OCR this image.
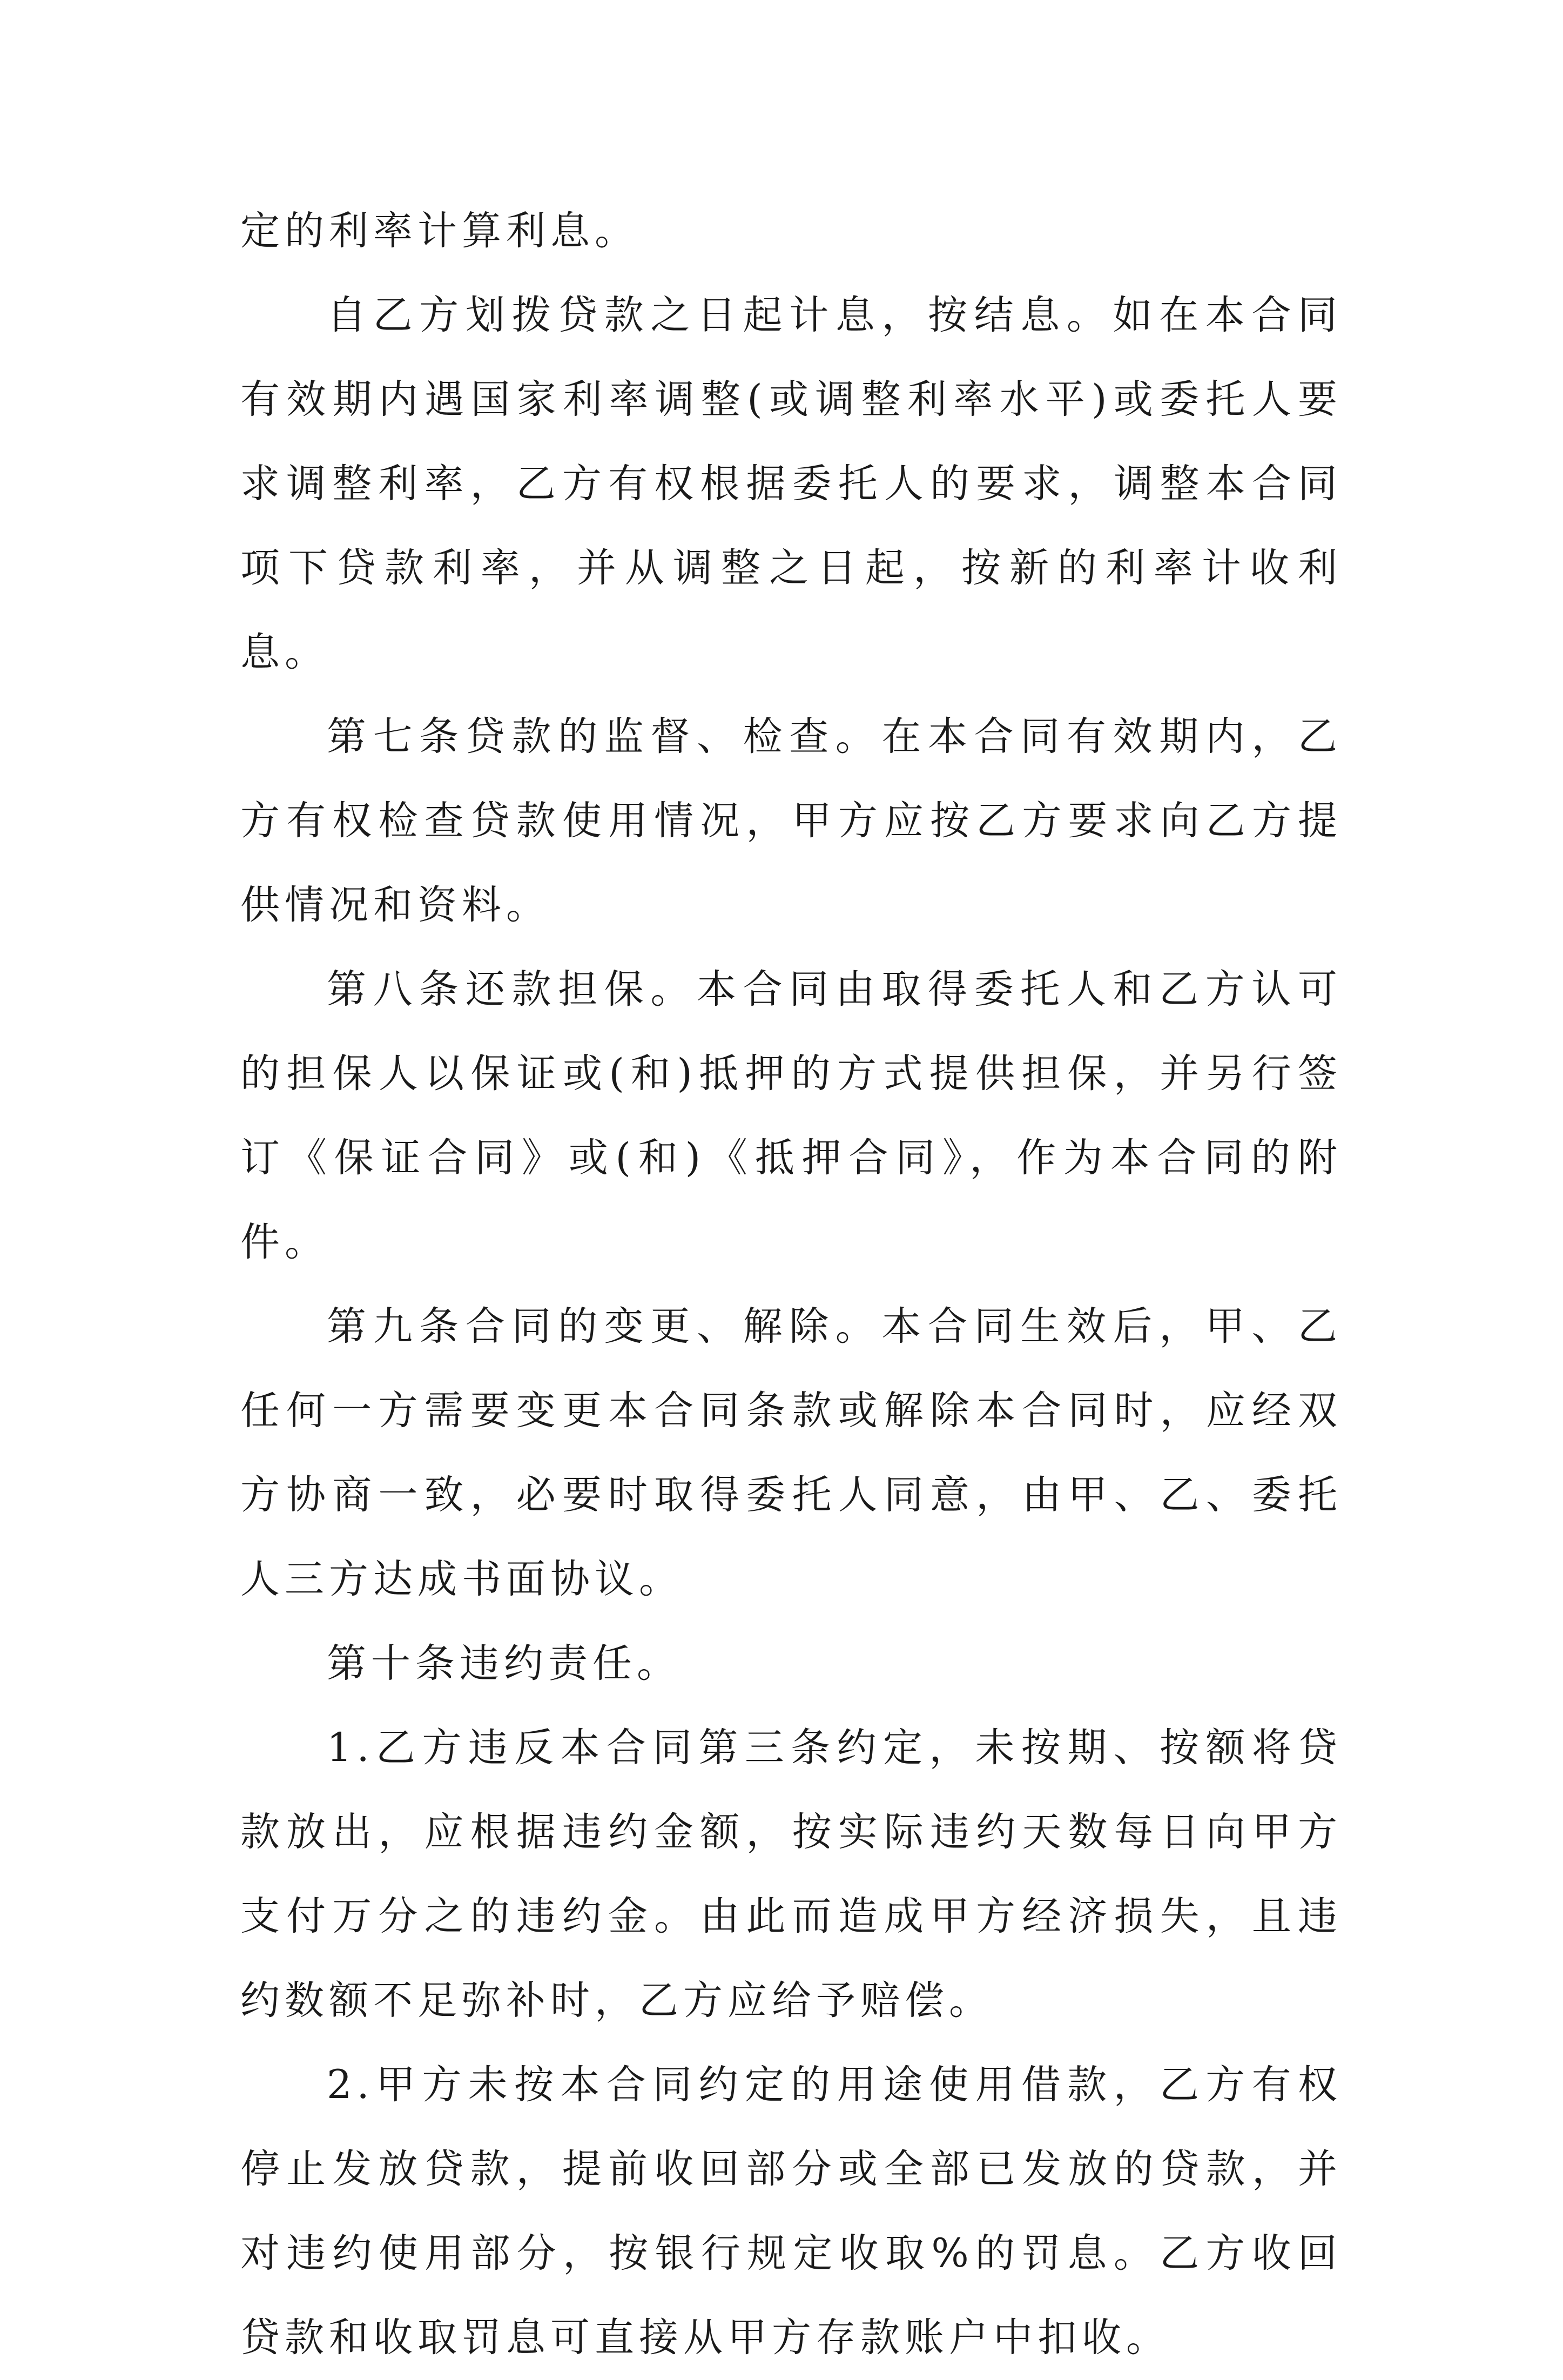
定的利率计算利息。

自乙方划拨贷款之日起计息，按结息。如在本合同有效期内遇国家利率调整(或调整利率水平)或委托人要求调整利率，乙方有权根据委托人的要求，调整本合同项下贷款利率，并从调整之日起，按新的利率计收利息。

第七条贷款的监督、检查。在本合同有效期内，乙方有权检查贷款使用情况，甲方应按乙方要求向乙方提供情况和资料。

第八条还款担保。本合同由取得委托人和乙方认可的担保人以保证或(和)抵押的方式提供担保，并另行签订《保证合同》或(和)《抵押合同》，作为本合同的附件。

第九条合同的变更、解除。本合同生效后，甲、乙任何一方需要变更本合同条款或解除本合同时，应经双方协商一致，必要时取得委托人同意，由甲、乙、委托人三方达成书面协议。

第十条违约责任。

1.乙方违反本合同第三条约定，未按期、按额将贷款放出，应根据违约金额，按实际违约天数每日向甲方支付万分之的违约金。由此而造成甲方经济损失，且违约数额不足弥补时，乙方应给予赔偿。

2.甲方未按本合同约定的用途使用借款，乙方有权停止发放贷款，提前收回部分或全部已发放的贷款，并对违约使用部分，按银行规定收取%的罚息。乙方收回贷款和收取罚息可直接从甲方存款账户中扣收。
